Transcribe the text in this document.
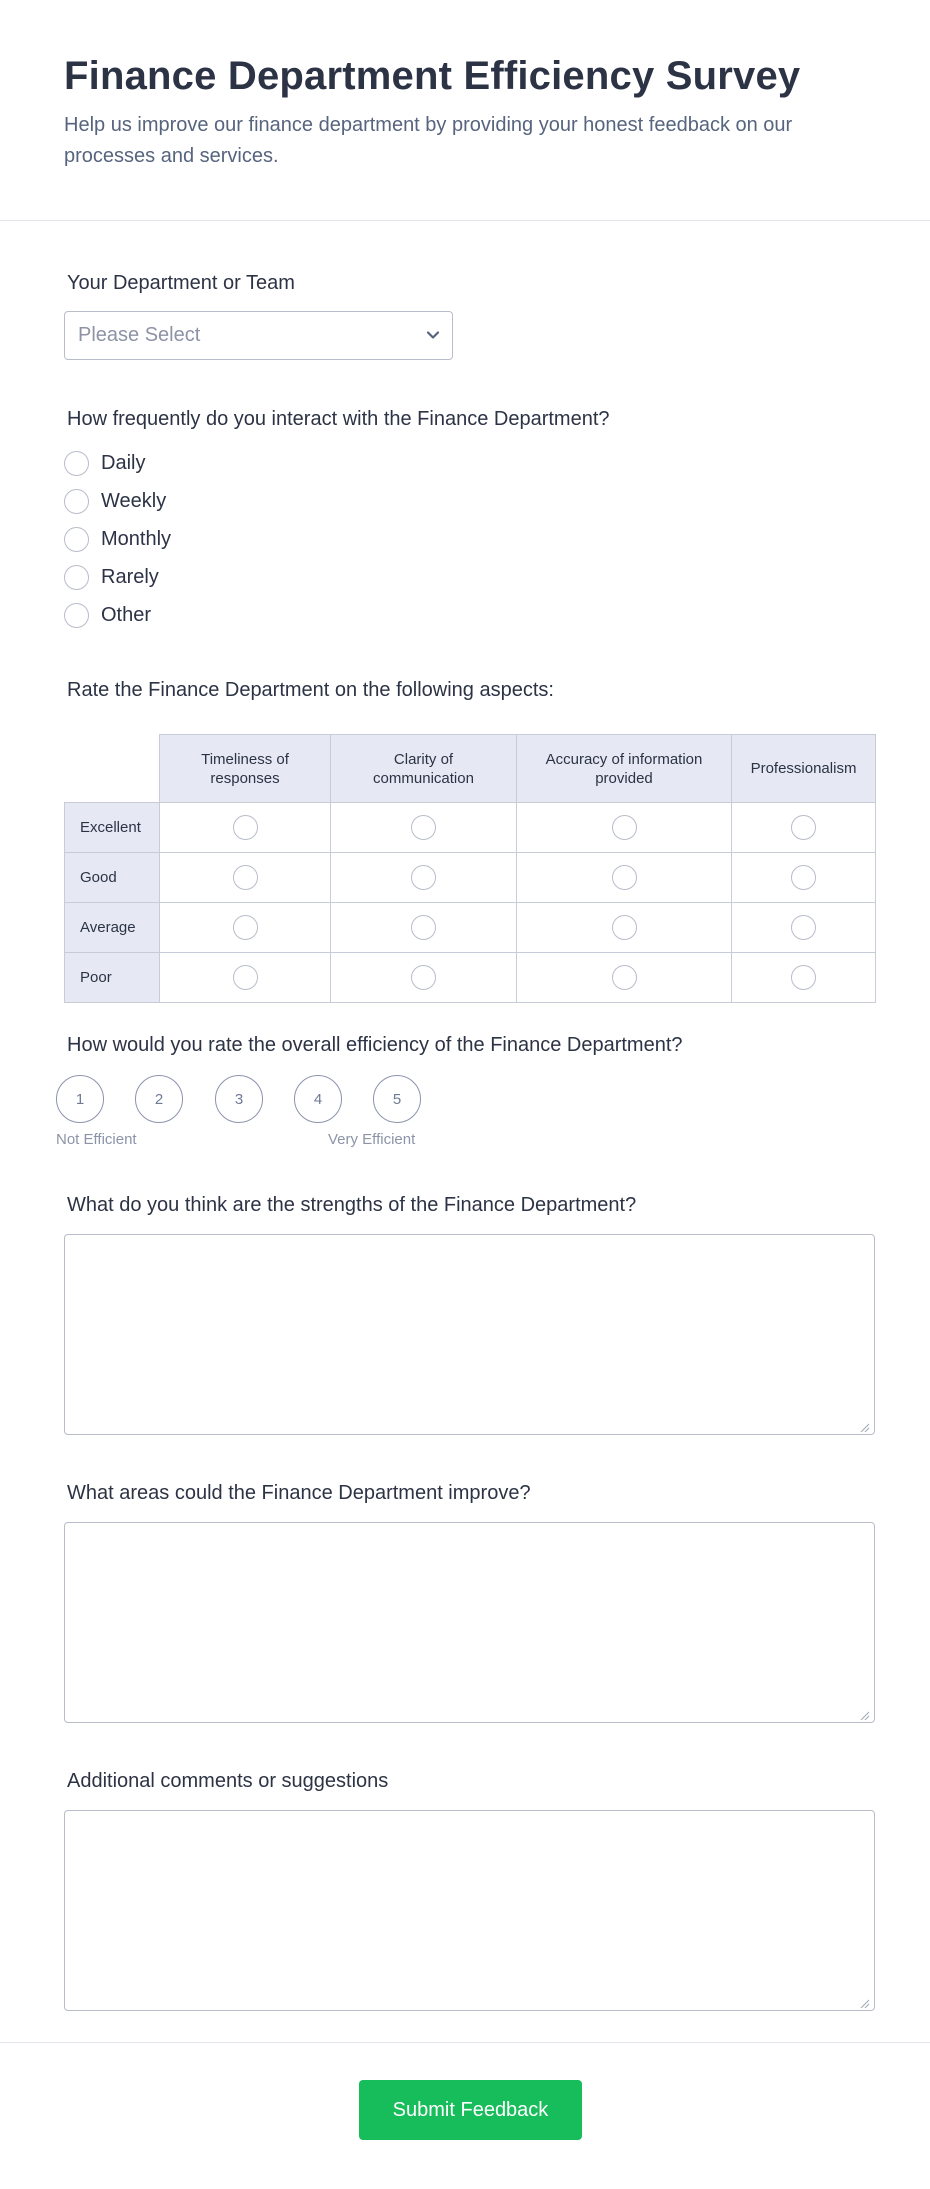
Finance Department Efficiency Survey
Help us improve our finance department by providing your honest feedback on our processes and services.
Your Department or Team
Please Select
How frequently do you interact with the Finance Department?
Daily
Weekly
Monthly
Rarely
Other
Rate the Finance Department on the following aspects:
	Timeliness of responses	Clarity of communication	Accuracy of information provided	Professionalism
Excellent				
Good				
Average				
Poor				
How would you rate the overall efficiency of the Finance Department?
1	2	3	4	5
Not Efficient	Very Efficient
What do you think are the strengths of the Finance Department?
What areas could the Finance Department improve?
Additional comments or suggestions
Submit Feedback
